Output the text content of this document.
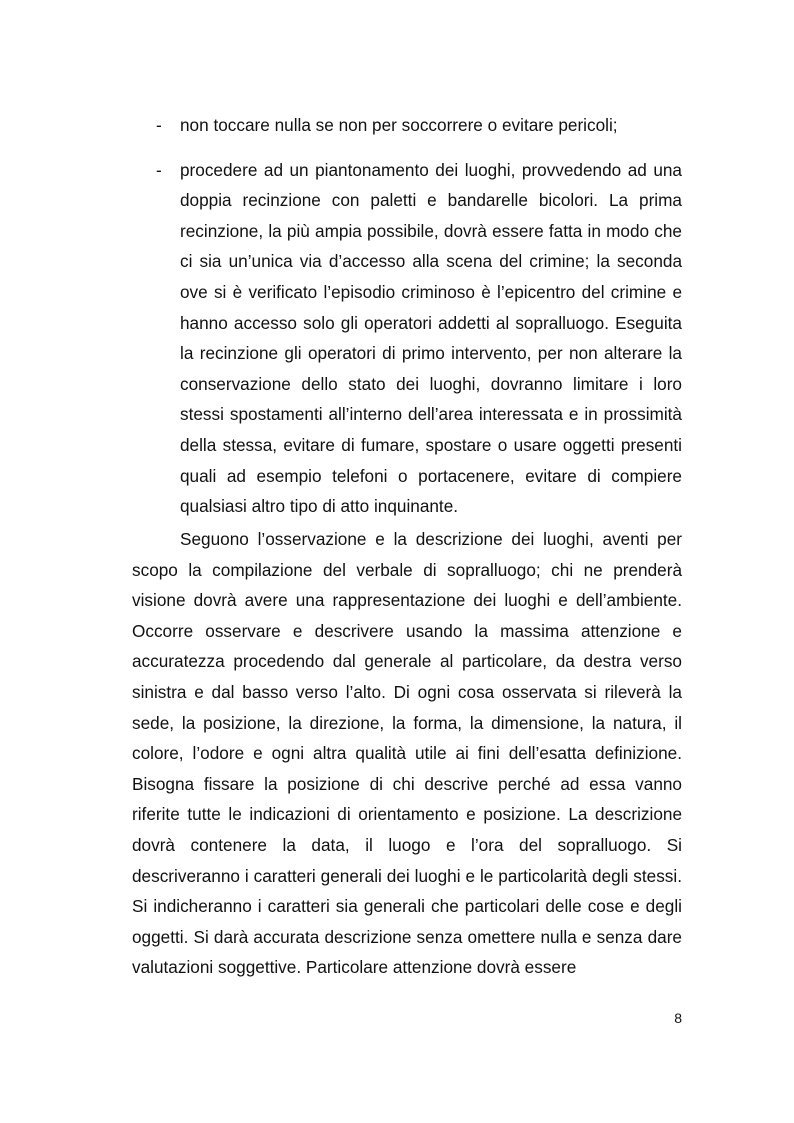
- non toccare nulla se non per soccorrere o evitare pericoli;
- procedere ad un piantonamento dei luoghi, provvedendo ad una doppia recinzione con paletti e bandarelle bicolori. La prima recinzione, la più ampia possibile, dovrà essere fatta in modo che ci sia un’unica via d’accesso alla scena del crimine; la seconda ove si è verificato l’episodio criminoso è l’epicentro del crimine e hanno accesso solo gli operatori addetti al sopralluogo. Eseguita la recinzione gli operatori di primo intervento, per non alterare la conservazione dello stato dei luoghi, dovranno limitare i loro stessi spostamenti all’interno dell’area interessata e in prossimità della stessa, evitare di fumare, spostare o usare oggetti presenti quali ad esempio telefoni o portacenere, evitare di compiere qualsiasi altro tipo di atto inquinante.

Seguono l’osservazione e la descrizione dei luoghi, aventi per scopo la compilazione del verbale di sopralluogo; chi ne prenderà visione dovrà avere una rappresentazione dei luoghi e dell’ambiente. Occorre osservare e descrivere usando la massima attenzione e accuratezza procedendo dal generale al particolare, da destra verso sinistra e dal basso verso l’alto. Di ogni cosa osservata si rileverà la sede, la posizione, la direzione, la forma, la dimensione, la natura, il colore, l’odore e ogni altra qualità utile ai fini dell’esatta definizione. Bisogna fissare la posizione di chi descrive perché ad essa vanno riferite tutte le indicazioni di orientamento e posizione. La descrizione dovrà contenere la data, il luogo e l’ora del sopralluogo. Si descriveranno i caratteri generali dei luoghi e le particolarità degli stessi. Si indicheranno i caratteri sia generali che particolari delle cose e degli oggetti. Si darà accurata descrizione senza omettere nulla e senza dare valutazioni soggettive. Particolare attenzione dovrà essere

8
